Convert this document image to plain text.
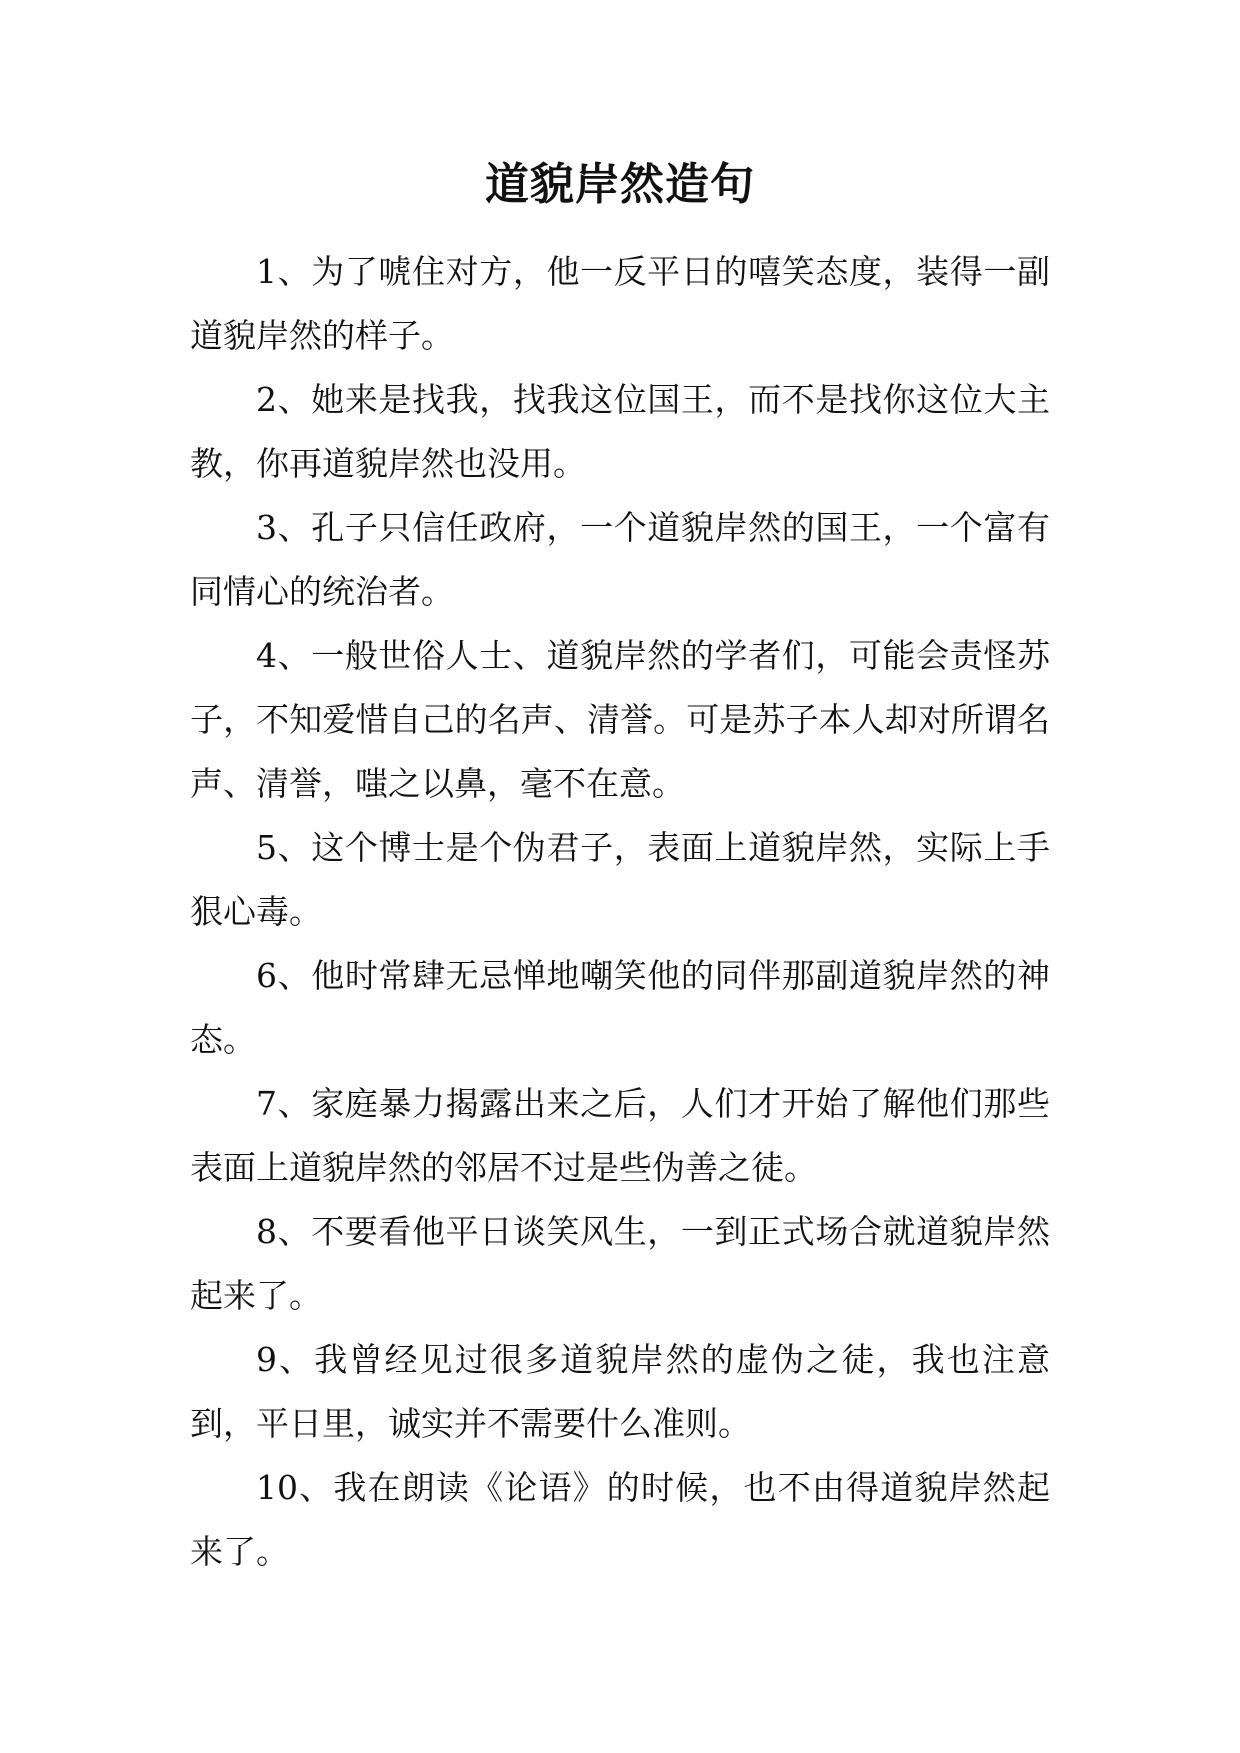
道貌岸然造句

1、为了唬住对方，他一反平日的嘻笑态度，装得一副道貌岸然的样子。

2、她来是找我，找我这位国王，而不是找你这位大主教，你再道貌岸然也没用。

3、孔子只信任政府，一个道貌岸然的国王，一个富有同情心的统治者。

4、一般世俗人士、道貌岸然的学者们，可能会责怪苏子，不知爱惜自己的名声、清誉。可是苏子本人却对所谓名声、清誉，嗤之以鼻，毫不在意。

5、这个博士是个伪君子，表面上道貌岸然，实际上手狠心毒。

6、他时常肆无忌惮地嘲笑他的同伴那副道貌岸然的神态。

7、家庭暴力揭露出来之后，人们才开始了解他们那些表面上道貌岸然的邻居不过是些伪善之徒。

8、不要看他平日谈笑风生，一到正式场合就道貌岸然起来了。

9、我曾经见过很多道貌岸然的虚伪之徒，我也注意到，平日里，诚实并不需要什么准则。

10、我在朗读《论语》的时候，也不由得道貌岸然起来了。
